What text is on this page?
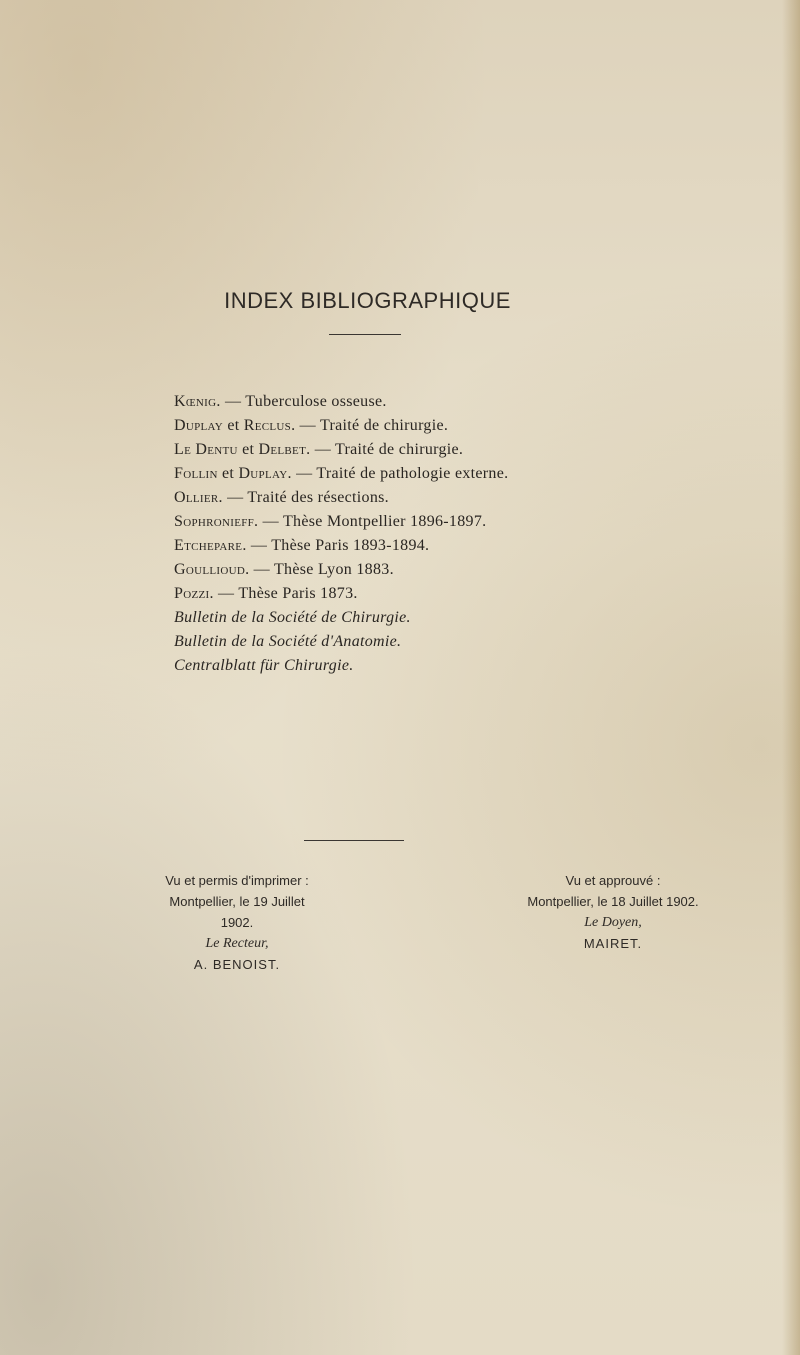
INDEX BIBLIOGRAPHIQUE
Kœnig. — Tuberculose osseuse.
Duplay et Reclus. — Traité de chirurgie.
Le Dentu et Delbet. — Traité de chirurgie.
Follin et Duplay. — Traité de pathologie externe.
Ollier. — Traité des résections.
Sophronieff. — Thèse Montpellier 1896-1897.
Etchepare. — Thèse Paris 1893-1894.
Goullioud. — Thèse Lyon 1883.
Pozzi. — Thèse Paris 1873.
Bulletin de la Société de Chirurgie.
Bulletin de la Société d'Anatomie.
Centralblatt für Chirurgie.
Vu et permis d'imprimer :
Montpellier, le 19 Juillet 1902.
Le Recteur,
A. BENOIST.
Vu et approuvé :
Montpellier, le 18 Juillet 1902.
Le Doyen,
MAIRET.
